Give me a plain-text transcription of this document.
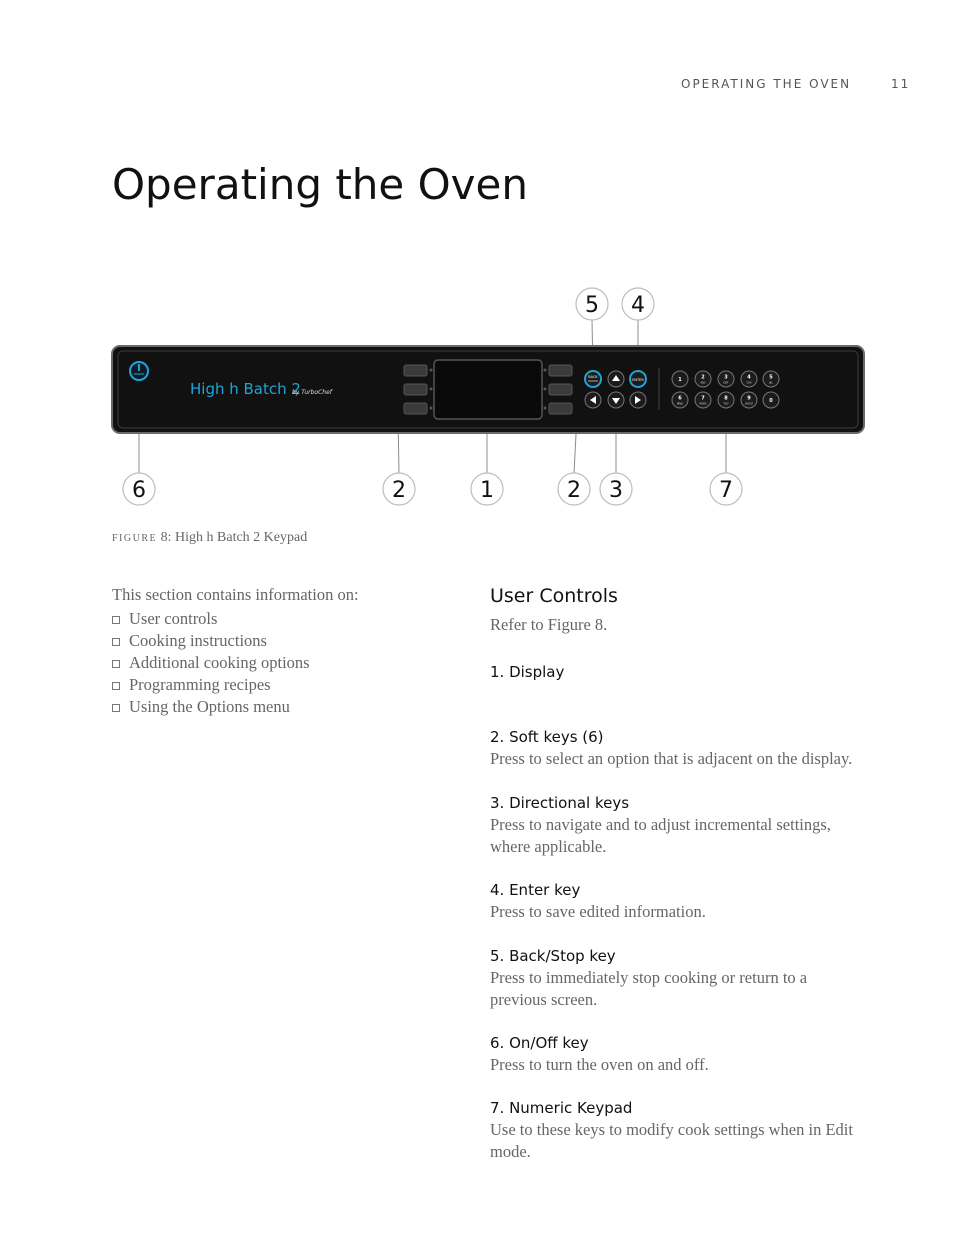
OPERATING THE OVEN	11
Operating the Oven
High h Batch 2
by TurboChef
BACK
ENTER	1	2
ABC
3
DEF
4
GHI
5
JKL
6
MNO
7
PQRS
8
TUV
9
WXYZ
0
5 4
6	2	1	2 3	7
figure 8: High h Batch 2 Keypad

This section contains information on:

User controls
Cooking instructions
Additional cooking options
Programming recipes
Using the Options menu
User Controls

Refer to Figure 8.

1. Display

2. Soft keys (6)

Press to select an option that is adjacent on the display.

3. Directional keys

Press to navigate and to adjust incremental settings, where applicable.

4. Enter key

Press to save edited information.

5. Back/Stop key

Press to immediately stop cooking or return to a previous screen.

6. On/Off key

Press to turn the oven on and off.

7. Numeric Keypad

Use to these keys to modify cook settings when in Edit mode.
